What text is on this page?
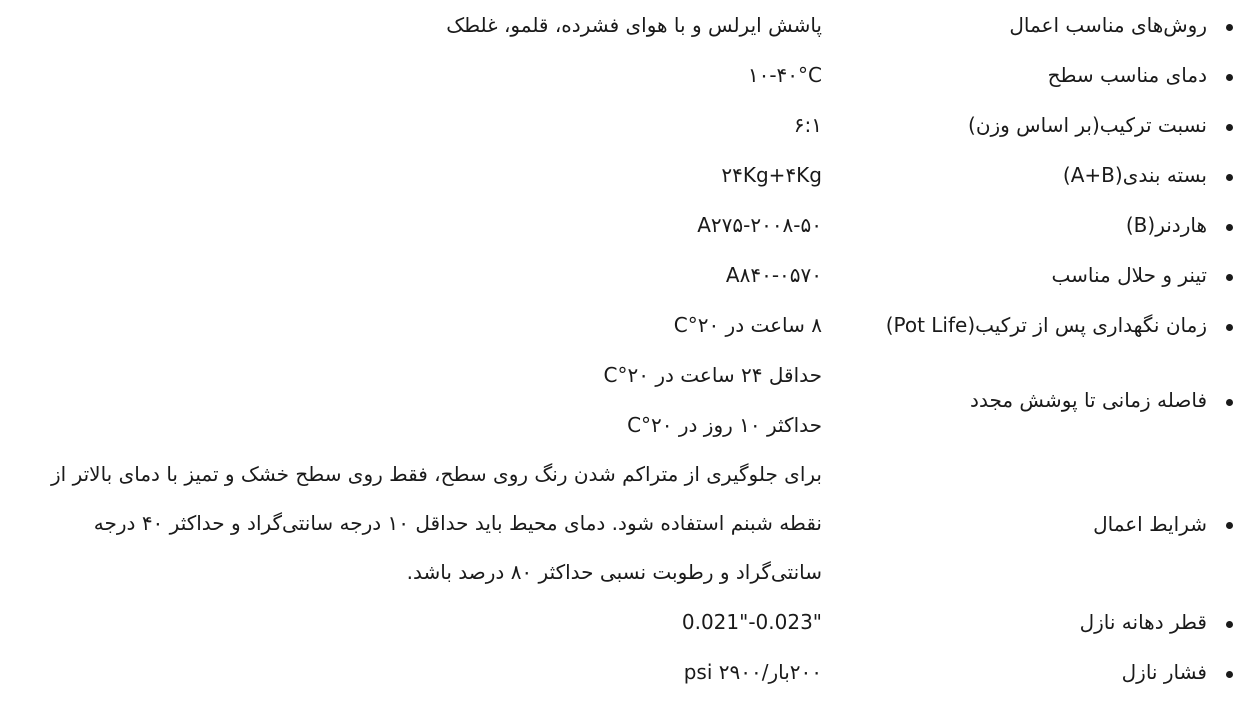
	روش‌های مناسب اعمال	پاشش ایرلس و با هوای فشرده، قلمو، غلطک
	دمای مناسب سطح	۱۰-۴۰°C
	نسبت ترکیب(بر اساس وزن)	۶:۱
	بسته بندی(A+B)	۲۴Kg+۴Kg
	هاردنر(B)	A۲۷۵-۲۰۰۸-۵۰
	تینر و حلال مناسب	A۸۴۰-۰۵۷۰
	زمان نگهداری پس از ترکیب(Pot Life)	۸ ساعت در ۲۰°C
	فاصله زمانی تا پوشش مجدد	حداقل ۲۴ ساعت در ۲۰°C
حداکثر ۱۰ روز در ۲۰°C

	شرایط اعمال	برای جلوگیری از متراکم شدن رنگ روی سطح، فقط روی سطح خشک و تمیز با دمای بالاتر از نقطه شبنم استفاده شود. دمای محیط باید حداقل ۱۰ درجه سانتی‌گراد و حداکثر ۴۰ درجه سانتی‌گراد و رطوبت نسبی حداکثر ۸۰ درصد باشد.

	قطر دهانه نازل	0.021"-0.023"
	فشار نازل	۲۰۰بار/۲۹۰۰ psi
